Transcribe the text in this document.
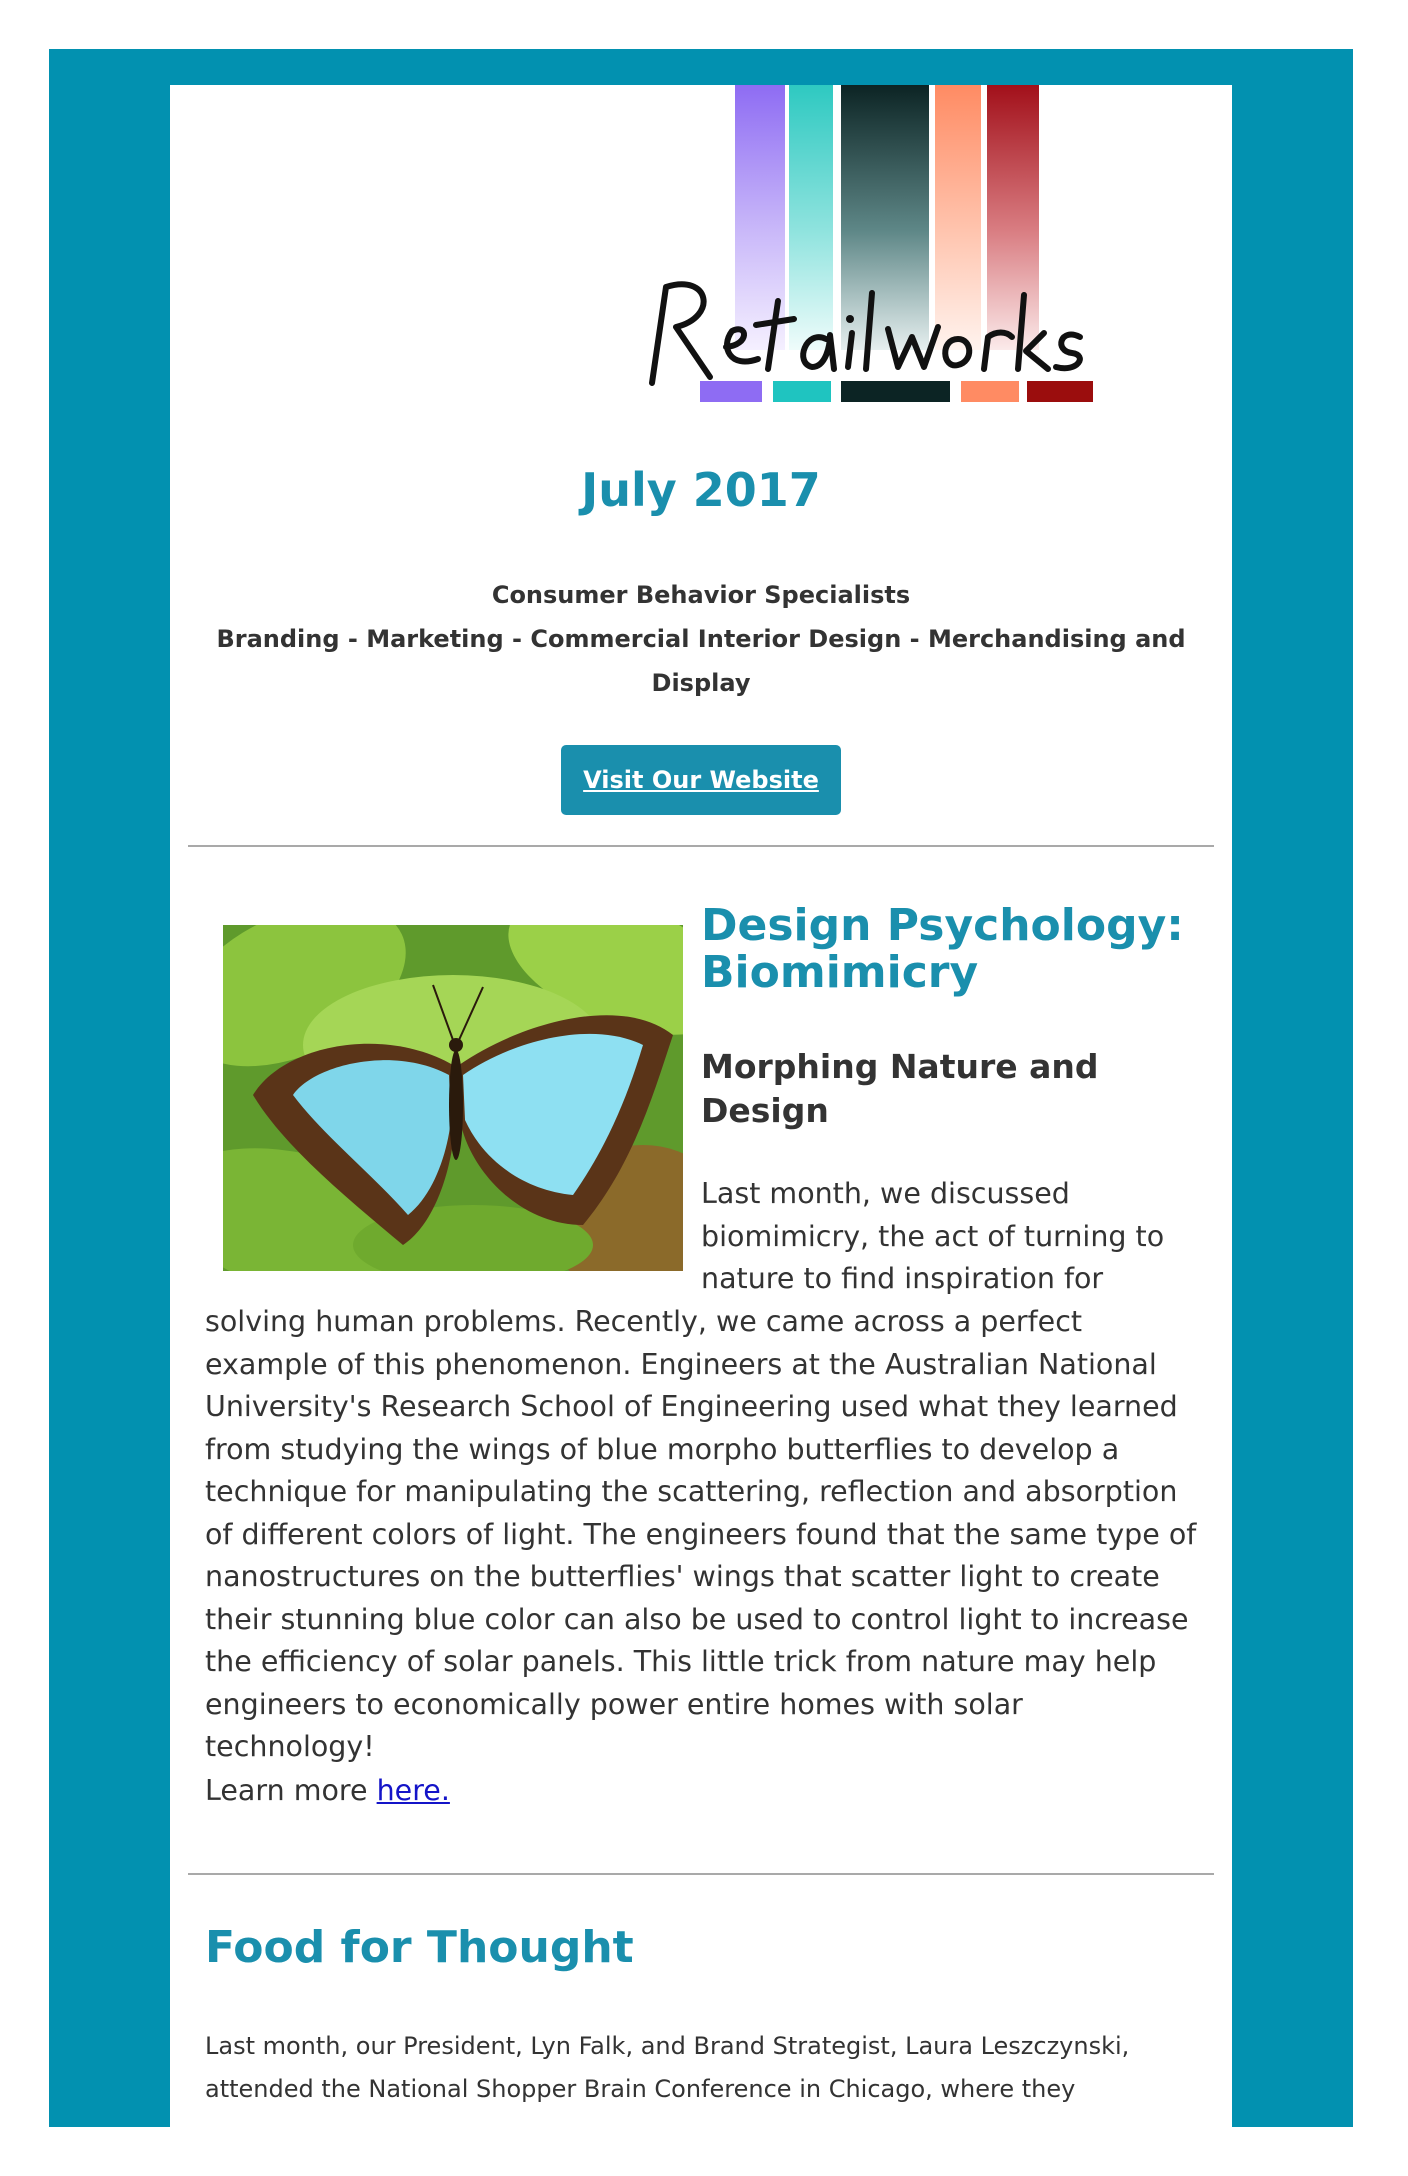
July 2017

Consumer Behavior Specialists

Branding - Marketing - Commercial Interior Design - Merchandising and Display

Visit Our Website
Design Psychology: Biomimicry
Morphing Nature and Design

Last month, we discussed biomimicry, the act of turning to nature to find inspiration for

solving human problems. Recently, we came across a perfect example of this phenomenon. Engineers at the Australian National University's Research School of Engineering used what they learned from studying the wings of blue morpho butterflies to develop a technique for manipulating the scattering, reflection and absorption of different colors of light. The engineers found that the same type of nanostructures on the butterflies' wings that scatter light to create their stunning blue color can also be used to control light to increase the efficiency of solar panels. This little trick from nature may help engineers to economically power entire homes with solar technology!

Learn more here.

Food for Thought

Last month, our President, Lyn Falk, and Brand Strategist, Laura Leszczynski, attended the National Shopper Brain Conference in Chicago, where they
